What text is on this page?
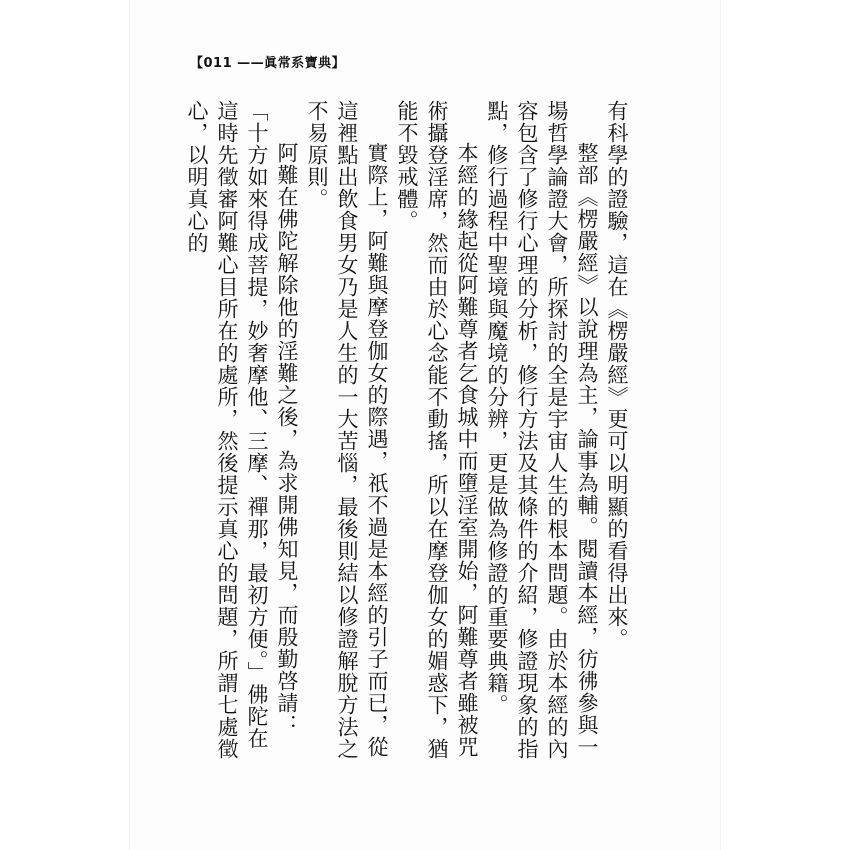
【011 ——眞常系寶典】

有科學的證驗，這在《楞嚴經》更可以明顯的看得出來。

整部《楞嚴經》以說理為主，論事為輔。閱讀本經，彷彿參與一場哲學論證大會，所探討的全是宇宙人生的根本問題。由於本經的內容包含了修行心理的分析，修行方法及其條件的介紹，修證現象的指點，修行過程中聖境與魔境的分辨，更是做為修證的重要典籍。

本經的緣起從阿難尊者乞食城中而墮淫室開始，阿難尊者雖被咒術攝登淫席，然而由於心念能不動搖，所以在摩登伽女的媚惑下，猶能不毀戒體。

實際上，阿難與摩登伽女的際遇，祇不過是本經的引子而已，從這裡點出飲食男女乃是人生的一大苦惱，最後則結以修證解脫方法之不易原則。

阿難在佛陀解除他的淫難之後，為求開佛知見，而殷勤啓請：「十方如來得成菩提，妙奢摩他、三摩、禪那，最初方便。」佛陀在這時先徵審阿難心目所在的處所，然後提示真心的問題，所謂七處徵心，以明真心的
